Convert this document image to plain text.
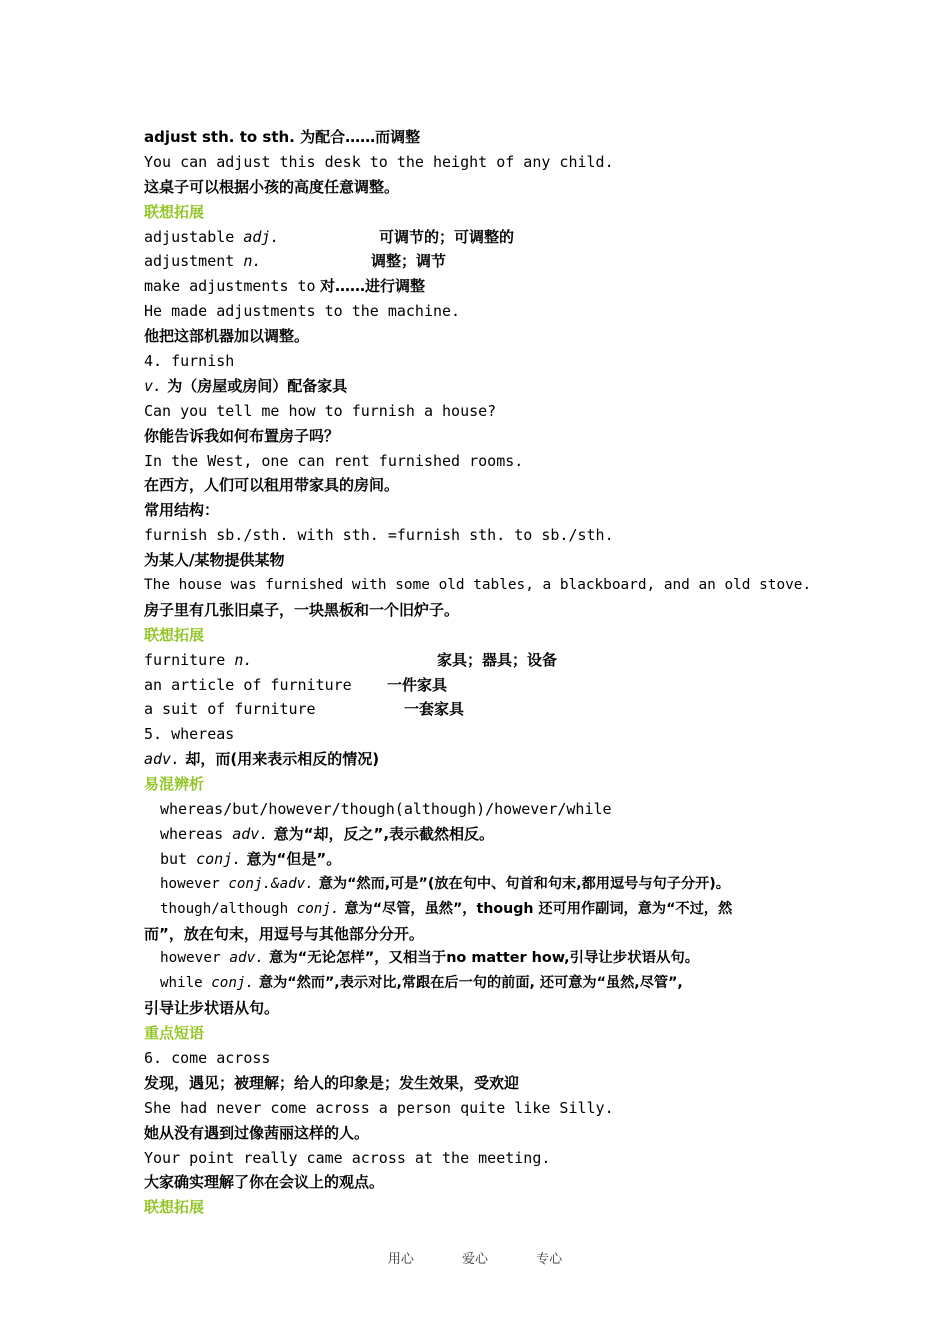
adjust sth. to sth. 为配合……而调整
You can adjust this desk to the height of any child.
这桌子可以根据小孩的高度任意调整。
联想拓展
adjustable adj.	可调节的；可调整的
adjustment n.	调整；调节
make adjustments to 对……进行调整
He made adjustments to the machine.
他把这部机器加以调整。
4. furnish
v. 为（房屋或房间）配备家具
Can you tell me how to furnish a house?
你能告诉我如何布置房子吗？
In the West, one can rent furnished rooms.
在西方，人们可以租用带家具的房间。
常用结构：
furnish sb./sth. with sth. =furnish sth. to sb./sth.
为某人/某物提供某物
The house was furnished with some old tables, a blackboard, and an old stove.
房子里有几张旧桌子，一块黑板和一个旧炉子。
联想拓展
furniture n.	家具；器具；设备
an article of furniture 一件家具
a suit of furniture	一套家具
5. whereas
adv. 却，而(用来表示相反的情况)
易混辨析
whereas/but/however/though(although)/however/while
whereas adv. 意为“却，反之”,表示截然相反。
but conj. 意为“但是”。
however conj.&adv. 意为“然而,可是”(放在句中、句首和句末,都用逗号与句子分开)。
though/although conj. 意为“尽管，虽然”，though 还可用作副词，意为“不过，然
而”，放在句末，用逗号与其他部分分开。
however adv. 意为“无论怎样”，又相当于no matter how,引导让步状语从句。
while conj. 意为“然而”,表示对比,常跟在后一句的前面, 还可意为“虽然,尽管”,
引导让步状语从句。
重点短语
6. come across
发现，遇见；被理解；给人的印象是；发生效果，受欢迎
She had never come across a person quite like Silly.
她从没有遇到过像茜丽这样的人。
Your point really came across at the meeting.
大家确实理解了你在会议上的观点。
联想拓展
用心	爱心	专心
